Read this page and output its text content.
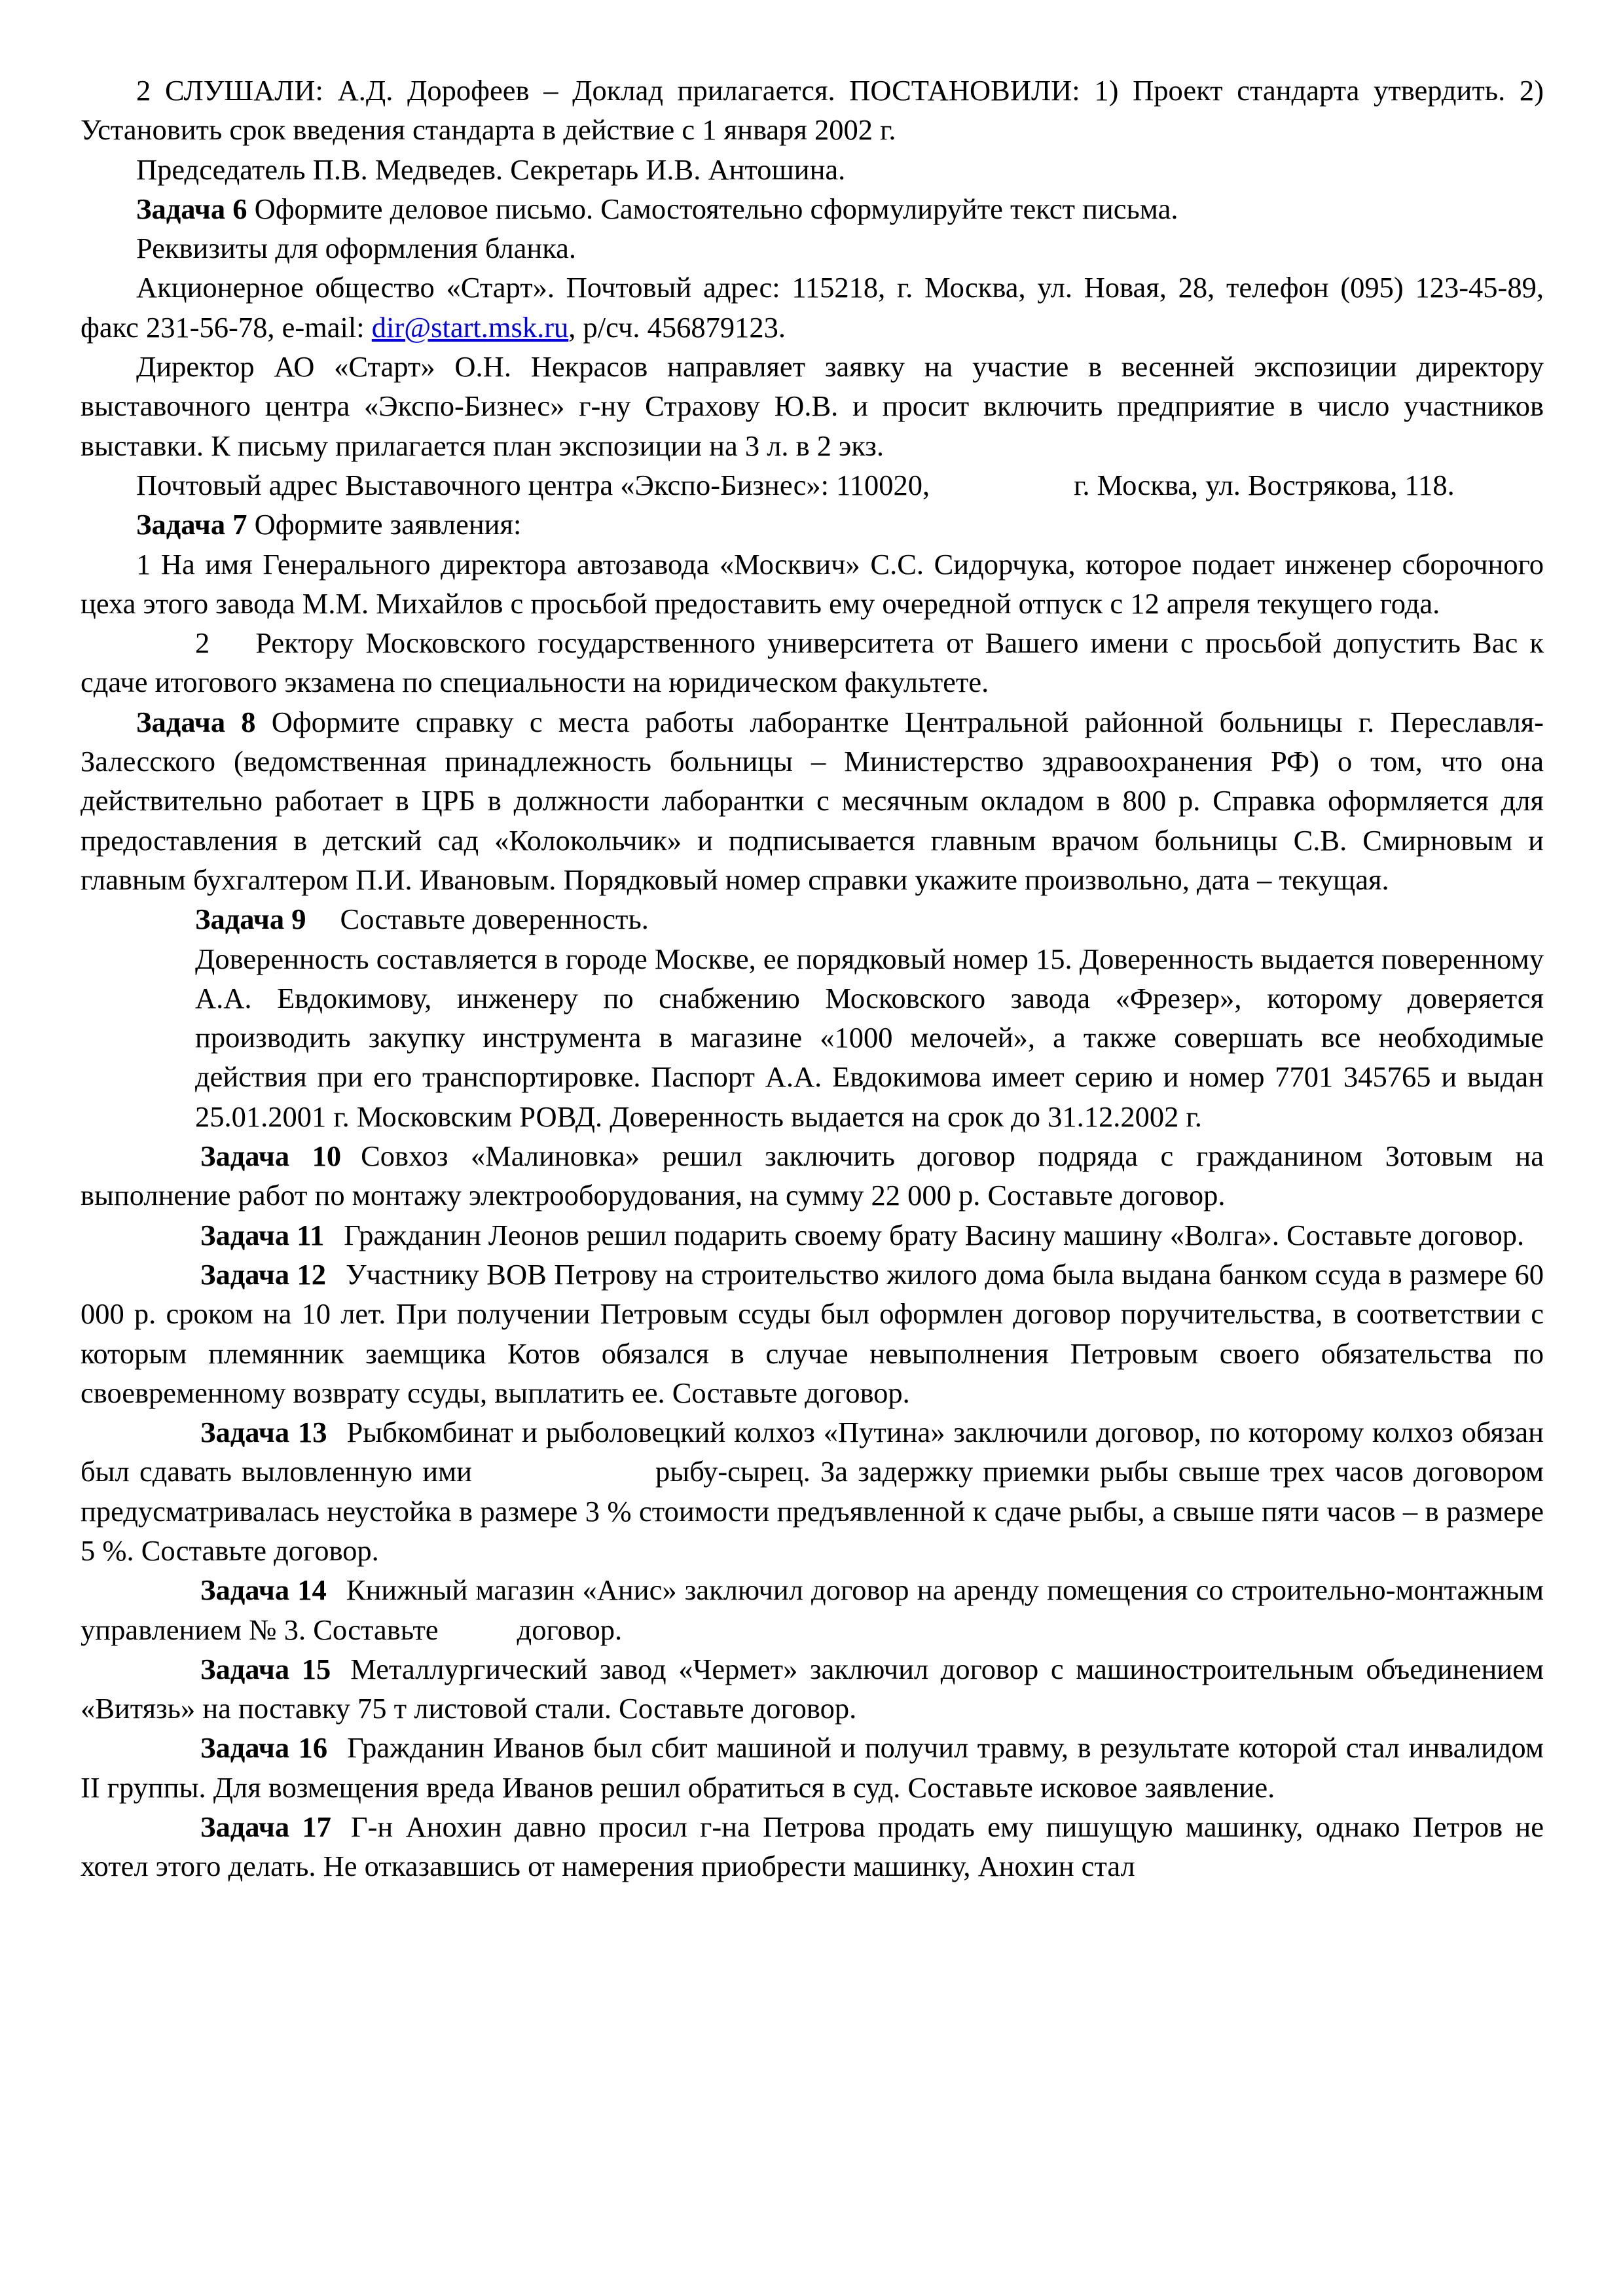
2 СЛУШАЛИ: А.Д. Дорофеев – Доклад прилагается. ПОСТАНОВИЛИ: 1) Проект стандарта утвердить. 2) Установить срок введения стандарта в действие с 1 января 2002 г.

Председатель П.В. Медведев. Секретарь И.В. Антошина.

Задача 6 Оформите деловое письмо. Самостоятельно сформулируйте текст письма.

Реквизиты для оформления бланка.

Акционерное общество «Старт». Почтовый адрес: 115218, г. Москва, ул. Новая, 28, телефон (095) 123-45-89, факс 231-56-78, e-mail: dir@start.msk.ru, р/сч. 456879123.

Директор АО «Старт» О.Н. Некрасов направляет заявку на участие в весенней экспозиции директору выставочного центра «Экспо-Бизнес» г-ну Страхову Ю.В. и просит включить предприятие в число участников выставки. К письму прилагается план экспозиции на 3 л. в 2 экз.

Почтовый адрес Выставочного центра «Экспо-Бизнес»: 110020,	г. Москва, ул. Вострякова, 118.

Задача 7 Оформите заявления:

1 На имя Генерального директора автозавода «Москвич» С.С. Сидорчука, которое подает инженер сборочного цеха этого завода М.М. Михайлов с просьбой предоставить ему очередной отпуск с 12 апреля текущего года.

2 Ректору Московского государственного университета от Вашего имени с просьбой допустить Вас к сдаче итогового экзамена по специальности на юридическом факультете.

Задача 8 Оформите справку с места работы лаборантке Центральной районной больницы г. Переславля-Залесского (ведомственная принадлежность больницы – Министерство здравоохранения РФ) о том, что она действительно работает в ЦРБ в должности лаборантки с месячным окладом в 800 р. Справка оформляется для предоставления в детский сад «Колокольчик» и подписывается главным врачом больницы С.В. Смирновым и главным бухгалтером П.И. Ивановым. Порядковый номер справки укажите произвольно, дата – текущая.

Задача 9 Составьте доверенность.

Доверенность составляется в городе Москве, ее порядковый номер 15. Доверенность выдается поверенному А.А. Евдокимову, инженеру по снабжению Московского завода «Фрезер», которому доверяется производить закупку инструмента в магазине «1000 мелочей», а также совершать все необходимые действия при его транспортировке. Паспорт А.А. Евдокимова имеет серию и номер 7701 345765 и выдан 25.01.2001 г. Московским РОВД. Доверенность выдается на срок до 31.12.2002 г.

Задача 10 Совхоз «Малиновка» решил заключить договор подряда с гражданином Зотовым на выполнение работ по монтажу электрооборудования, на сумму 22 000 р. Составьте договор.

Задача 11 Гражданин Леонов решил подарить своему брату Васину машину «Волга». Составьте договор.

Задача 12 Участнику ВОВ Петрову на строительство жилого дома была выдана банком ссуда в размере 60 000 р. сроком на 10 лет. При получении Петровым ссуды был оформлен договор поручительства, в соответствии с которым племянник заемщика Котов обязался в случае невыполнения Петровым своего обязательства по своевременному возврату ссуды, выплатить ее. Составьте договор.

Задача 13 Рыбкомбинат и рыболовецкий колхоз «Путина» заключили договор, по которому колхоз обязан был сдавать выловленную ими	рыбу-сырец. За задержку приемки рыбы свыше трех часов договором предусматривалась неустойка в размере 3 % стоимости предъявленной к сдаче рыбы, а свыше пяти часов – в размере 5 %. Составьте договор.

Задача 14 Книжный магазин «Анис» заключил договор на аренду помещения со строительно-монтажным управлением № 3. Составьте	договор.

Задача 15 Металлургический завод «Чермет» заключил договор с машиностроительным объединением «Витязь» на поставку 75 т листовой стали. Составьте договор.

Задача 16 Гражданин Иванов был сбит машиной и получил травму, в результате которой стал инвалидом II группы. Для возмещения вреда Иванов решил обратиться в суд. Составьте исковое заявление.

Задача 17 Г-н Анохин давно просил г-на Петрова продать ему пишущую машинку, однако Петров не хотел этого делать. Не отказавшись от намерения приобрести машинку, Анохин стал
